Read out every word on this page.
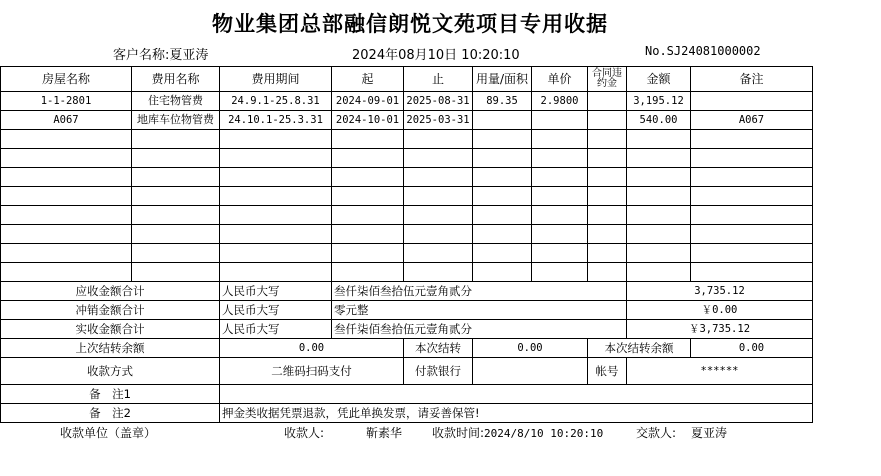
物业集团总部融信朗悦文苑项目专用收据
客户名称:夏亚涛	2024年08月10日 10:20:10	No.SJ24081000002
房屋名称	费用名称	费用期间	起	止	用量/面积	单价	合同违约金	金额	备注
1-1-2801	住宅物管费	24.9.1-25.8.31	2024-09-01	2025-08-31	89.35	2.9800		3,195.12	
A067	地库车位物管费	24.10.1-25.3.31	2024-10-01	2025-03-31				540.00	A067

应收金额合计		人民币大写	叁仟柒佰叁拾伍元壹角贰分					3,735.12	
冲销金额合计		人民币大写	零元整					￥0.00	
实收金额合计		人民币大写	叁仟柒佰叁拾伍元壹角贰分					￥3,735.12	
上次结转余额		0.00		本次结转	0.00		本次结转余额		0.00
收款方式		二维码扫码支付		付款银行			帐号	******	
备　注1									
备　注2		押金类收据凭票退款，凭此单换发票，请妥善保管!							
收款单位（盖章）	收款人:	靳素华 收款时间:2024/8/10 10:20:10	交款人: 夏亚涛
